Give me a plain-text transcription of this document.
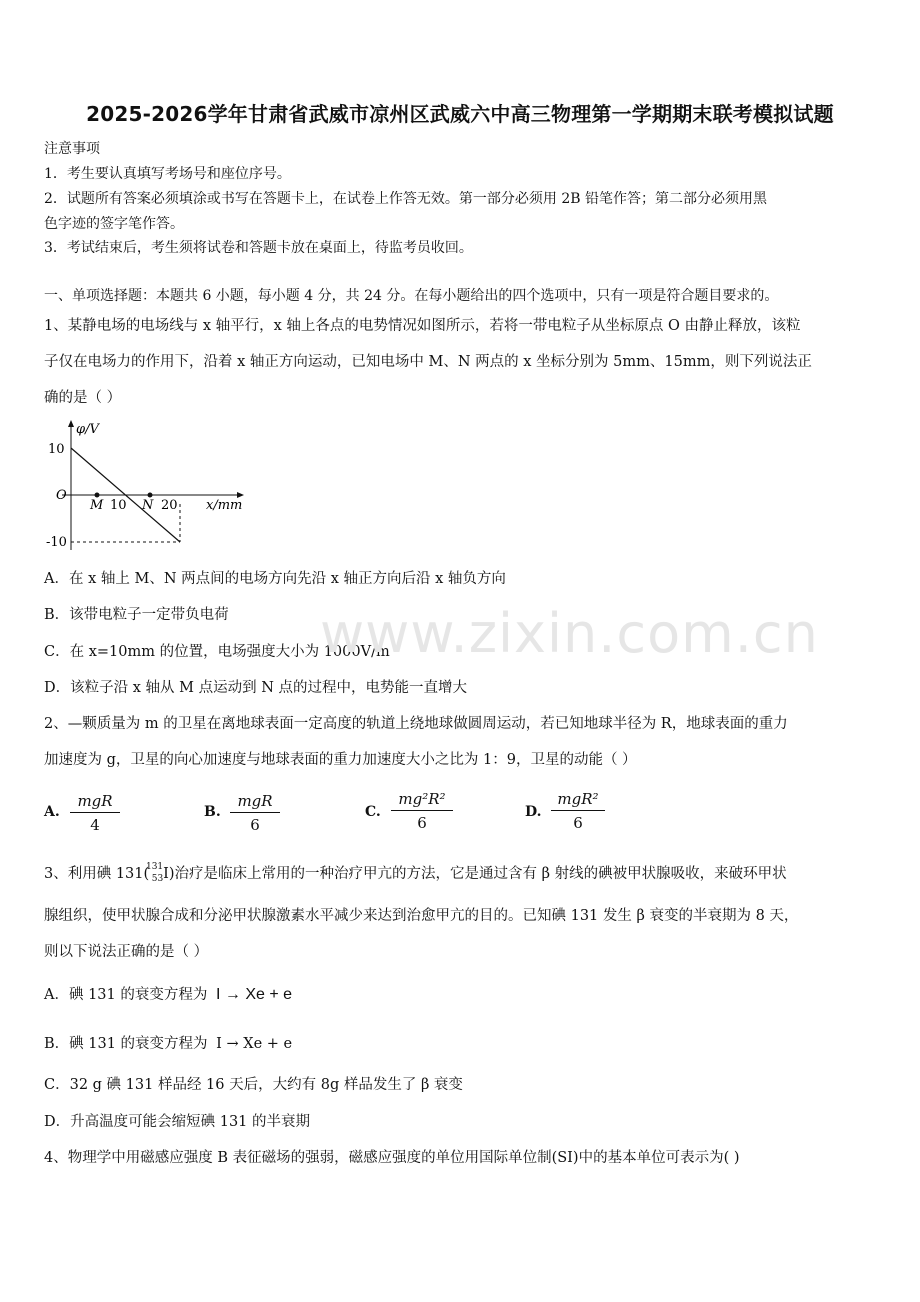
2025-2026学年甘肃省武威市凉州区武威六中高三物理第一学期期末联考模拟试题
注意事项
1．考生要认真填写考场号和座位序号。
2．试题所有答案必须填涂或书写在答题卡上，在试卷上作答无效。第一部分必须用 2B 铅笔作答；第二部分必须用黑
色字迹的签字笔作答。
3．考试结束后，考生须将试卷和答题卡放在桌面上，待监考员收回。
一、单项选择题：本题共 6 小题，每小题 4 分，共 24 分。在每小题给出的四个选项中，只有一项是符合题目要求的。
1、某静电场的电场线与 x 轴平行，x 轴上各点的电势情况如图所示，若将一带电粒子从坐标原点 O 由静止释放，该粒
子仅在电场力的作用下，沿着 x 轴正方向运动，已知电场中 M、N 两点的 x 坐标分别为 5mm、15mm，则下列说法正
确的是（ ）
φ/V
10
O
-10
M 10 N 20 x/mm
A．在 x 轴上 M、N 两点间的电场方向先沿 x 轴正方向后沿 x 轴负方向
B．该带电粒子一定带负电荷
C．在 x=10mm 的位置，电场强度大小为 1000V/m
D．该粒子沿 x 轴从 M 点运动到 N 点的过程中，电势能一直增大
2、—颗质量为 m 的卫星在离地球表面一定高度的轨道上绕地球做圆周运动，若已知地球半径为 R，地球表面的重力
加速度为 g，卫星的向心加速度与地球表面的重力加速度大小之比为 1：9，卫星的动能（ ）
A.
mgR
4
B.
mgR
6
C. $\frac{\text{mg²R²}}{6}$	D.
mgR²
6
3、利用碘 131(
131
53 I)治疗是临床上常用的一种治疗甲亢的方法，它是通过含有 β 射线的碘被甲状腺吸收，来破环甲状
腺组织，使甲状腺合成和分泌甲状腺激素水平减少来达到治愈甲亢的目的。已知碘 131 发生 β 衰变的半衰期为 8 天，
则以下说法正确的是（ ）
A．碘 131 的衰变方程为 I → Xe + e
B．碘 131 的衰变方程为 I → Xe + e
C．32 g 碘 131 样品经 16 天后，大约有 8g 样品发生了 β 衰变
D．升高温度可能会缩短碘 131 的半衰期
4、物理学中用磁感应强度 B 表征磁场的强弱，磁感应强度的单位用国际单位制(SI)中的基本单位可表示为( )
www.zixin.com.cn
